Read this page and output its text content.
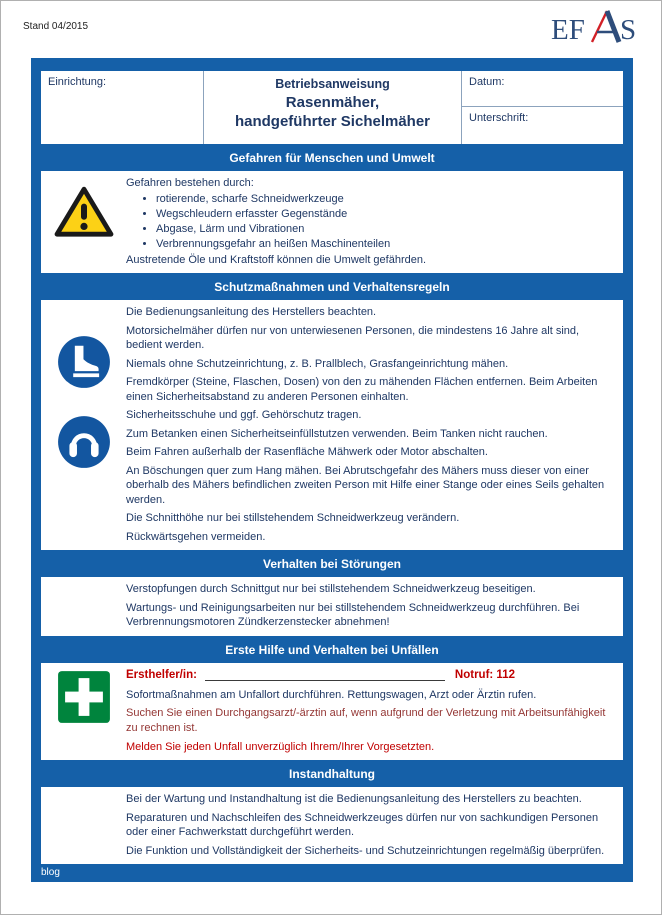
Stand 04/2015	EF S
Einrichtung:	Betriebsanweisung
Rasenmäher,
handgeführter Sichelmäher
Datum:
Unterschrift:
Gefahren für Menschen und Umwelt
Gefahren bestehen durch:
• rotierende, scharfe Schneidwerkzeuge
• Wegschleudern erfasster Gegenstände
• Abgase, Lärm und Vibrationen
• Verbrennungsgefahr an heißen Maschinenteilen
Austretende Öle und Kraftstoff können die Umwelt gefährden.
Schutzmaßnahmen und Verhaltensregeln

Die Bedienungsanleitung des Herstellers beachten.

Motorsichelmäher dürfen nur von unterwiesenen Personen, die mindestens 16 Jahre alt sind, bedient werden.

Niemals ohne Schutzeinrichtung, z. B. Prallblech, Grasfangeinrichtung mähen.

Fremdkörper (Steine, Flaschen, Dosen) von den zu mähenden Flächen entfernen. Beim Arbeiten einen Sicherheitsabstand zu anderen Personen einhalten.

Sicherheitsschuhe und ggf. Gehörschutz tragen.

Zum Betanken einen Sicherheitseinfüllstutzen verwenden. Beim Tanken nicht rauchen.

Beim Fahren außerhalb der Rasenfläche Mähwerk oder Motor abschalten.

An Böschungen quer zum Hang mähen. Bei Abrutschgefahr des Mähers muss dieser von einer oberhalb des Mähers befindlichen zweiten Person mit Hilfe einer Stange oder eines Seils gehalten werden.

Die Schnitthöhe nur bei stillstehendem Schneidwerkzeug verändern.

Rückwärtsgehen vermeiden.

Verhalten bei Störungen

Verstopfungen durch Schnittgut nur bei stillstehendem Schneidwerkzeug beseitigen.

Wartungs- und Reinigungsarbeiten nur bei stillstehendem Schneidwerkzeug durchführen. Bei Verbrennungsmotoren Zündkerzenstecker abnehmen!

Erste Hilfe und Verhalten bei Unfällen
Ersthelfer/in:	Notruf: 112

Sofortmaßnahmen am Unfallort durchführen. Rettungswagen, Arzt oder Ärztin rufen.

Suchen Sie einen Durchgangsarzt/-ärztin auf, wenn aufgrund der Verletzung mit Arbeitsunfähigkeit zu rechnen ist.

Melden Sie jeden Unfall unverzüglich Ihrem/Ihrer Vorgesetzten.

Instandhaltung

Bei der Wartung und Instandhaltung ist die Bedienungsanleitung des Herstellers zu beachten.

Reparaturen und Nachschleifen des Schneidwerkzeuges dürfen nur von sachkundigen Personen oder einer Fachwerkstatt durchgeführt werden.

Die Funktion und Vollständigkeit der Sicherheits- und Schutzeinrichtungen regelmäßig überprüfen.

blog
